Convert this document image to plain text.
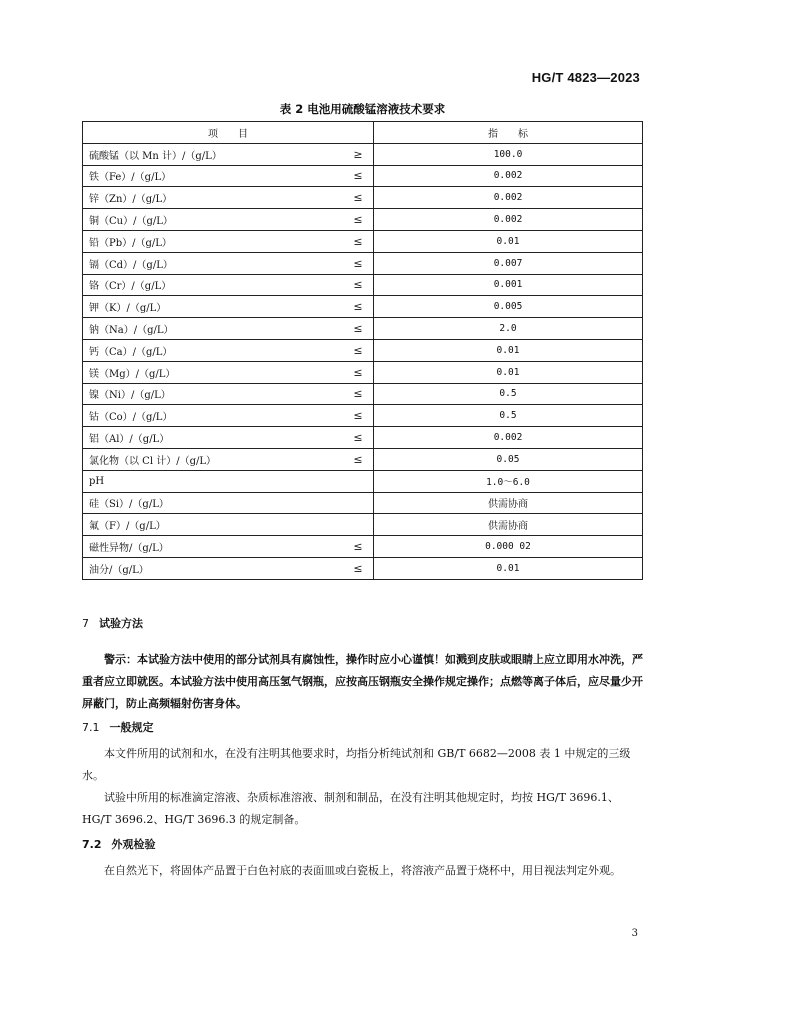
HG/T 4823—2023
表 2 电池用硫酸锰溶液技术要求
项　　目		指　　标
硫酸锰（以 Mn 计）/（g/L）	≥	100.0
铁（Fe）/（g/L）	≤	0.002
锌（Zn）/（g/L）	≤	0.002
铜（Cu）/（g/L）	≤	0.002
铅（Pb）/（g/L）	≤	0.01
镉（Cd）/（g/L）	≤	0.007
铬（Cr）/（g/L）	≤	0.001
钾（K）/（g/L）	≤	0.005
钠（Na）/（g/L）	≤	2.0
钙（Ca）/（g/L）	≤	0.01
镁（Mg）/（g/L）	≤	0.01
镍（Ni）/（g/L）	≤	0.5
钴（Co）/（g/L）	≤	0.5
铝（Al）/（g/L）	≤	0.002
氯化物（以 Cl 计）/（g/L）	≤	0.05
pH		1.0～6.0
硅（Si）/（g/L）		供需协商
氟（F）/（g/L）		供需协商
磁性异物/（g/L）	≤	0.000 02
油分/（g/L）	≤	0.01
7 试验方法

警示：本试验方法中使用的部分试剂具有腐蚀性，操作时应小心谨慎！如溅到皮肤或眼睛上应立即用水冲洗，严重者应立即就医。本试验方法中使用高压氢气钢瓶，应按高压钢瓶安全操作规定操作；点燃等离子体后，应尽量少开屏蔽门，防止高频辐射伤害身体。

7.1 一般规定

本文件所用的试剂和水，在没有注明其他要求时，均指分析纯试剂和 GB/T 6682—2008 表 1 中规定的三级水。

试验中所用的标准滴定溶液、杂质标准溶液、制剂和制品，在没有注明其他规定时，均按 HG/T 3696.1、HG/T 3696.2、HG/T 3696.3 的规定制备。

7.2 外观检验

在自然光下，将固体产品置于白色衬底的表面皿或白瓷板上，将溶液产品置于烧杯中，用目视法判定外观。

3
